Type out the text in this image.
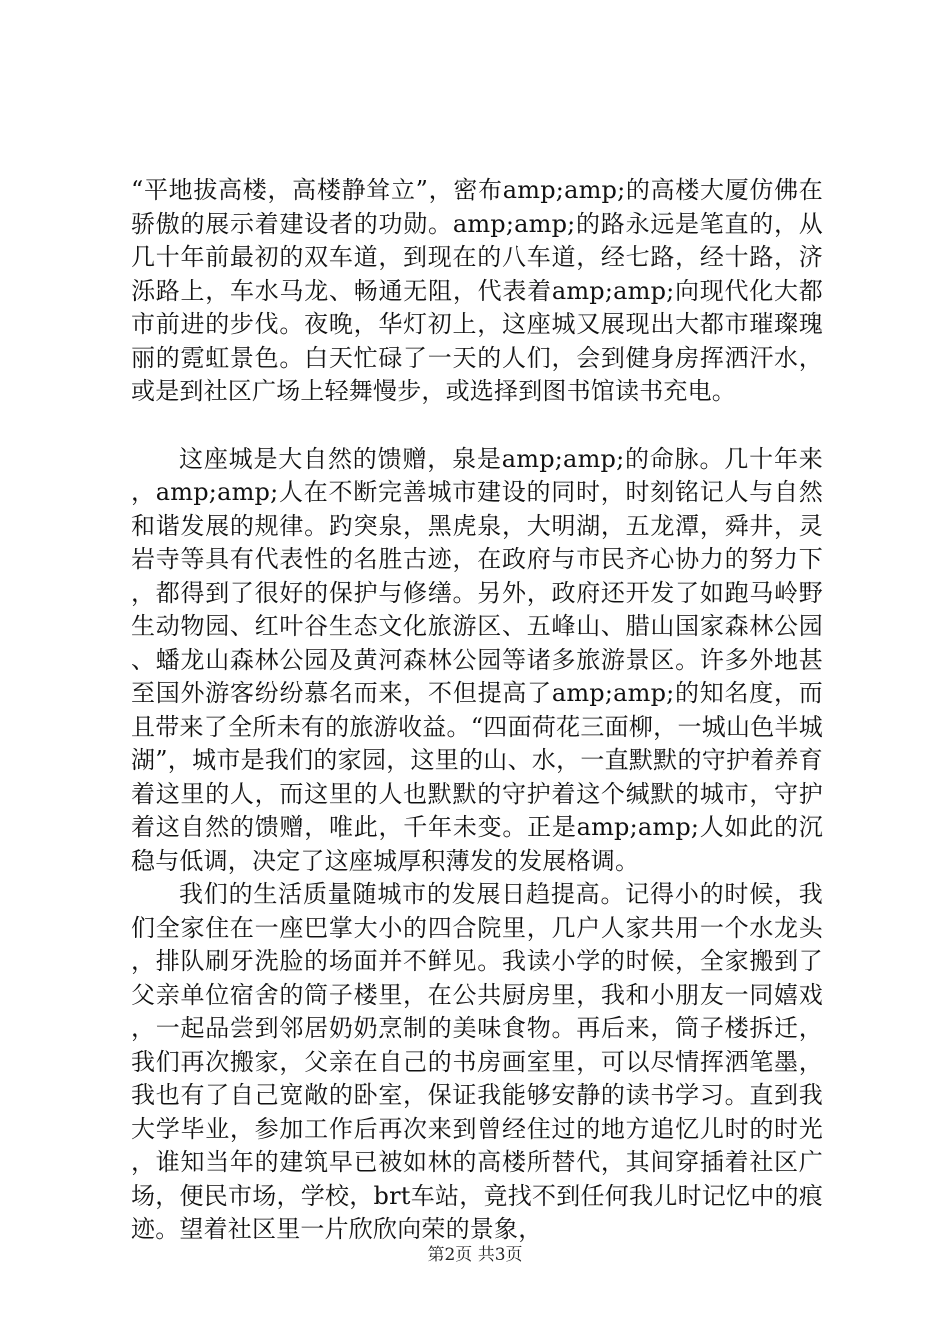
“平地拔高楼，高楼静耸立”，密布amp;amp;的高楼大厦仿佛在骄傲的展示着建设者的功勋。amp;amp;的路永远是笔直的，从几十年前最初的双车道，到现在的八车道，经七路，经十路，济泺路上，车水马龙、畅通无阻，代表着amp;amp;向现代化大都市前进的步伐。夜晚，华灯初上，这座城又展现出大都市璀璨瑰丽的霓虹景色。白天忙碌了一天的人们，会到健身房挥洒汗水，或是到社区广场上轻舞慢步，或选择到图书馆读书充电。

这座城是大自然的馈赠，泉是amp;amp;的命脉。几十年来，amp;amp;人在不断完善城市建设的同时，时刻铭记人与自然和谐发展的规律。趵突泉，黑虎泉，大明湖，五龙潭，舜井，灵岩寺等具有代表性的名胜古迹，在政府与市民齐心协力的努力下，都得到了很好的保护与修缮。另外，政府还开发了如跑马岭野生动物园、红叶谷生态文化旅游区、五峰山、腊山国家森林公园、蟠龙山森林公园及黄河森林公园等诸多旅游景区。许多外地甚至国外游客纷纷慕名而来，不但提高了amp;amp;的知名度，而且带来了全所未有的旅游收益。“四面荷花三面柳，一城山色半城湖”，城市是我们的家园，这里的山、水，一直默默的守护着养育着这里的人，而这里的人也默默的守护着这个缄默的城市，守护着这自然的馈赠，唯此，千年未变。正是amp;amp;人如此的沉稳与低调，决定了这座城厚积薄发的发展格调。

我们的生活质量随城市的发展日趋提高。记得小的时候，我们全家住在一座巴掌大小的四合院里，几户人家共用一个水龙头，排队刷牙洗脸的场面并不鲜见。我读小学的时候，全家搬到了父亲单位宿舍的筒子楼里，在公共厨房里，我和小朋友一同嬉戏，一起品尝到邻居奶奶烹制的美味食物。再后来，筒子楼拆迁，我们再次搬家，父亲在自己的书房画室里，可以尽情挥洒笔墨，我也有了自己宽敞的卧室，保证我能够安静的读书学习。直到我大学毕业，参加工作后再次来到曾经住过的地方追忆儿时的时光，谁知当年的建筑早已被如林的高楼所替代，其间穿插着社区广场，便民市场，学校，brt车站，竟找不到任何我儿时记忆中的痕迹。望着社区里一片欣欣向荣的景象，

第2页 共3页
